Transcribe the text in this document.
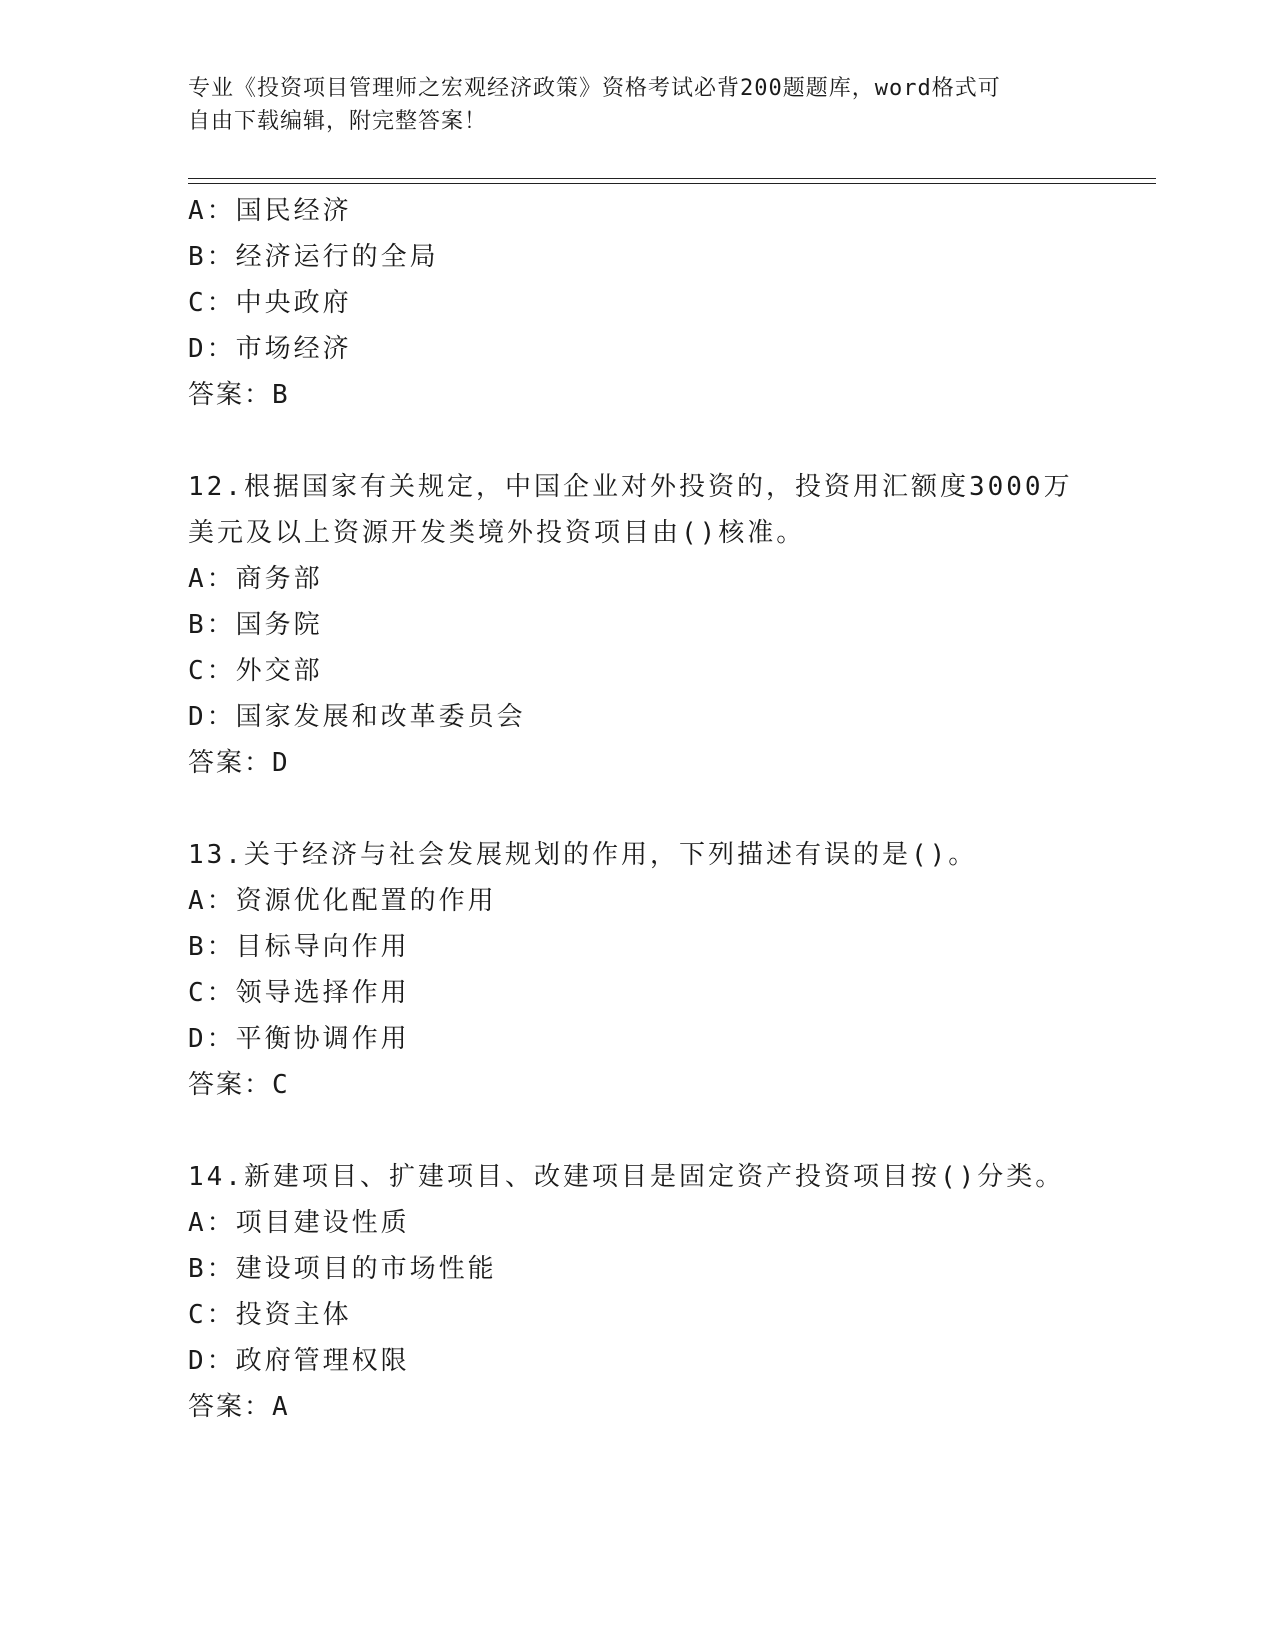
专业《投资项目管理师之宏观经济政策》资格考试必背200题题库，word格式可
自由下载编辑，附完整答案！
A：国民经济
B：经济运行的全局
C：中央政府
D：市场经济
答案：B
12.根据国家有关规定，中国企业对外投资的，投资用汇额度3000万
美元及以上资源开发类境外投资项目由()核准。
A：商务部
B：国务院
C：外交部
D：国家发展和改革委员会
答案：D
13.关于经济与社会发展规划的作用，下列描述有误的是()。
A：资源优化配置的作用
B：目标导向作用
C：领导选择作用
D：平衡协调作用
答案：C
14.新建项目、扩建项目、改建项目是固定资产投资项目按()分类。
A：项目建设性质
B：建设项目的市场性能
C：投资主体
D：政府管理权限
答案：A
